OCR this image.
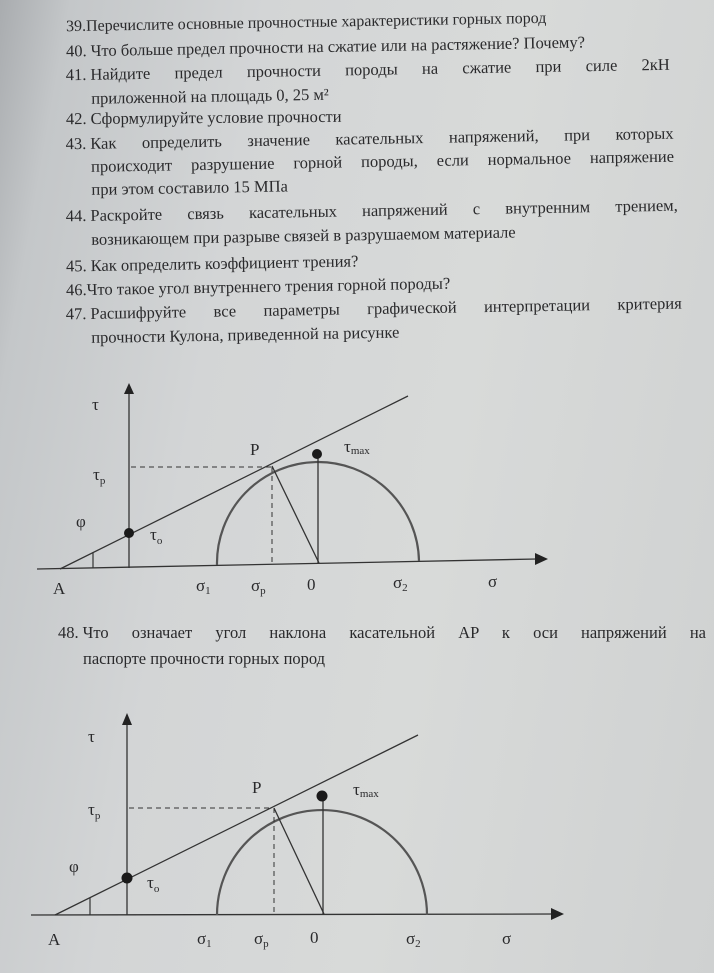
39.Перечислите основные прочностные характеристики горных пород
40. Что больше предел прочности на сжатие или на растяжение? Почему?
41. Найдите предел прочности породы на сжатие при силе 2кН
приложенной на площадь 0, 25 м²
42. Сформулируйте условие прочности
43. Как определить значение касательных напряжений, при которых
происходит разрушение горной породы, если нормальное напряжение
при этом составило 15 МПа
44. Раскройте связь касательных напряжений с внутренним трением,
возникающем при разрыве связей в разрушаемом материале
45. Как определить коэффициент трения?
46.Что такое угол внутреннего трения горной породы?
47. Расшифруйте все параметры графической интерпретации критерия
прочности Кулона, приведенной на рисунке
48. Что означает угол наклона касательной AP к оси напряжений на
паспорте прочности горных пород
τ
$\tau_p$
φ
$\tau_o$
P	τmax
A	σ1 σp 0	σ2	σ
τ
$\tau_p$
φ
$\tau_o$
P	τmax
A	σ1 σp 0	σ2	σ
